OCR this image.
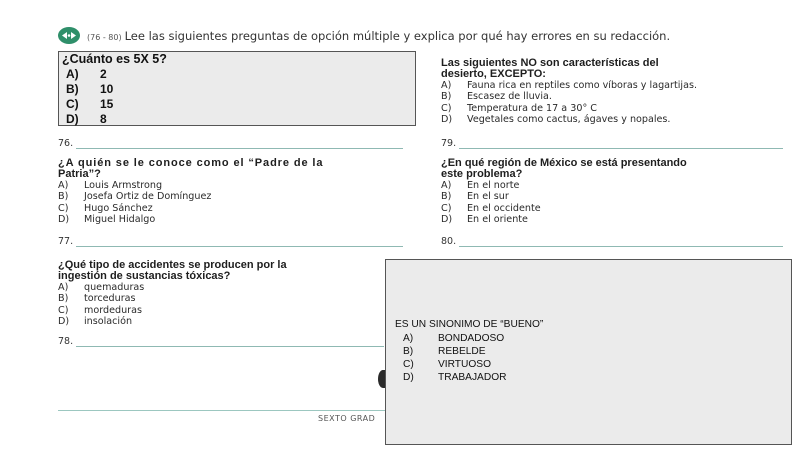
(76 - 80) Lee las siguientes preguntas de opción múltiple y explica por qué hay errores en su redacción.
¿Cuánto es 5X 5?
A) 2
B) 10
C) 15
D) 8
76.
¿A quién se le conoce como el “Padre de la
Patria”?
A) Louis Armstrong
B) Josefa Ortiz de Domínguez
C) Hugo Sánchez
D) Miguel Hidalgo
77.
¿Qué tipo de accidentes se producen por la
ingestión de sustancias tóxicas?
A) quemaduras
B) torceduras
C) mordeduras
D) insolación
78.
Las siguientes NO son características del
desierto, EXCEPTO:
A) Fauna rica en reptiles como víboras y lagartijas.
B) Escasez de lluvia.
C) Temperatura de 17 a 30° C
D) Vegetales como cactus, ágaves y nopales.
79.
¿En qué región de México se está presentando
este problema?
A) En el norte
B) En el sur
C) En el occidente
D) En el oriente
80.
SEXTO GRAD
ES UN SINONIMO DE “BUENO”
A) BONDADOSO
B) REBELDE
C) VIRTUOSO
D) TRABAJADOR
